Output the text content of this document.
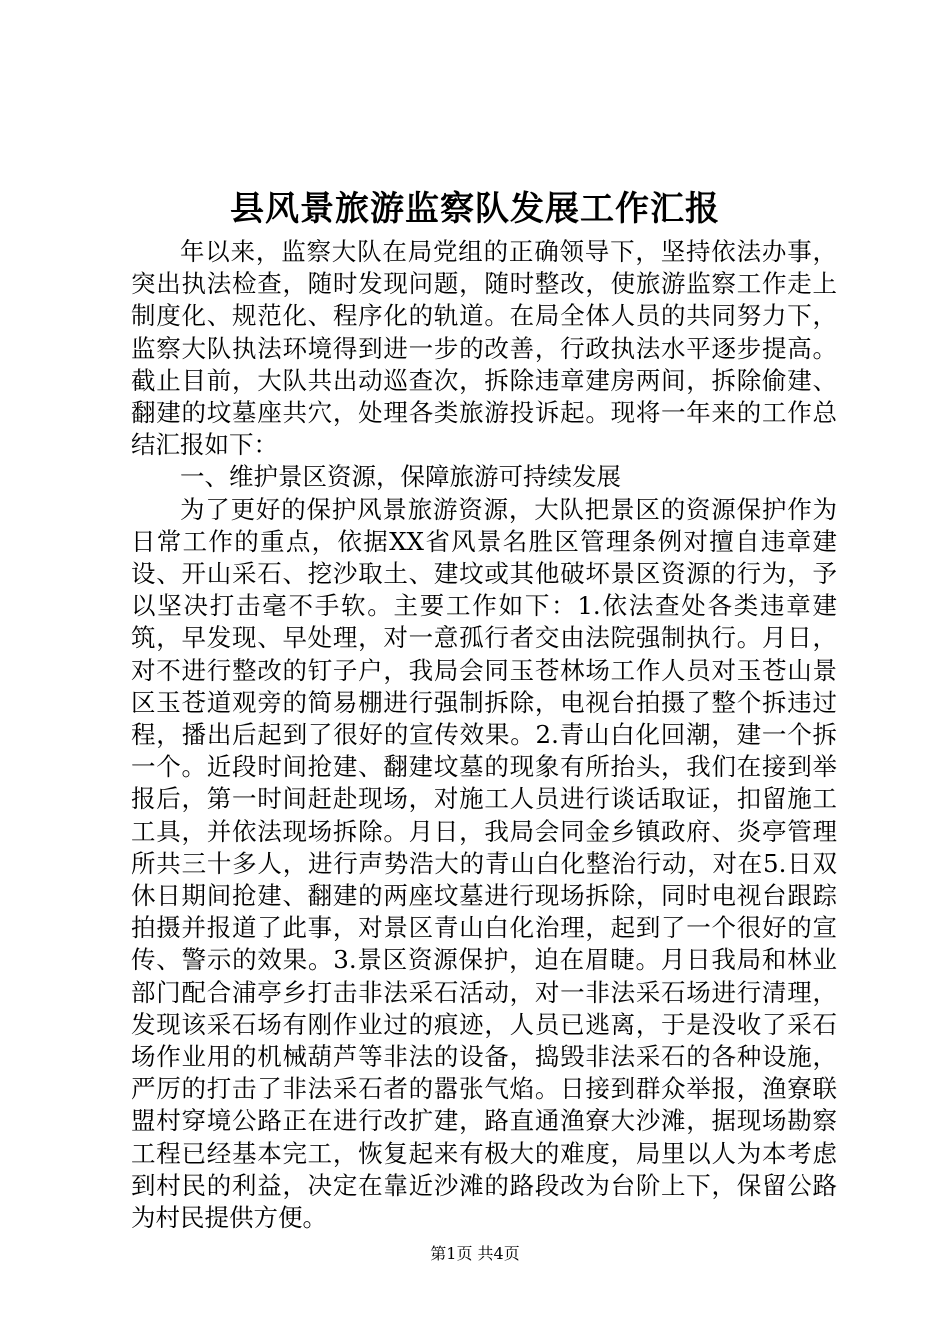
县风景旅游监察队发展工作汇报

年以来，监察大队在局党组的正确领导下，坚持依法办事，突出执法检查，随时发现问题，随时整改，使旅游监察工作走上制度化、规范化、程序化的轨道。在局全体人员的共同努力下，监察大队执法环境得到进一步的改善，行政执法水平逐步提高。截止目前，大队共出动巡查次，拆除违章建房两间，拆除偷建、翻建的坟墓座共穴，处理各类旅游投诉起。现将一年来的工作总结汇报如下：

一、维护景区资源，保障旅游可持续发展

为了更好的保护风景旅游资源，大队把景区的资源保护作为日常工作的重点，依据XX省风景名胜区管理条例对擅自违章建设、开山采石、挖沙取土、建坟或其他破坏景区资源的行为，予以坚决打击毫不手软。主要工作如下：1.依法查处各类违章建筑，早发现、早处理，对一意孤行者交由法院强制执行。月日，对不进行整改的钉子户，我局会同玉苍林场工作人员对玉苍山景区玉苍道观旁的简易棚进行强制拆除，电视台拍摄了整个拆违过程，播出后起到了很好的宣传效果。2.青山白化回潮，建一个拆一个。近段时间抢建、翻建坟墓的现象有所抬头，我们在接到举报后，第一时间赶赴现场，对施工人员进行谈话取证，扣留施工工具，并依法现场拆除。月日，我局会同金乡镇政府、炎亭管理所共三十多人，进行声势浩大的青山白化整治行动，对在5.日双休日期间抢建、翻建的两座坟墓进行现场拆除，同时电视台跟踪拍摄并报道了此事，对景区青山白化治理，起到了一个很好的宣传、警示的效果。3.景区资源保护，迫在眉睫。月日我局和林业部门配合浦亭乡打击非法采石活动，对一非法采石场进行清理，发现该采石场有刚作业过的痕迹，人员已逃离，于是没收了采石场作业用的机械葫芦等非法的设备，捣毁非法采石的各种设施，严厉的打击了非法采石者的嚣张气焰。日接到群众举报，渔寮联盟村穿境公路正在进行改扩建，路直通渔寮大沙滩，据现场勘察工程已经基本完工，恢复起来有极大的难度，局里以人为本考虑到村民的利益，决定在靠近沙滩的路段改为台阶上下，保留公路为村民提供方便。

第1页 共4页
